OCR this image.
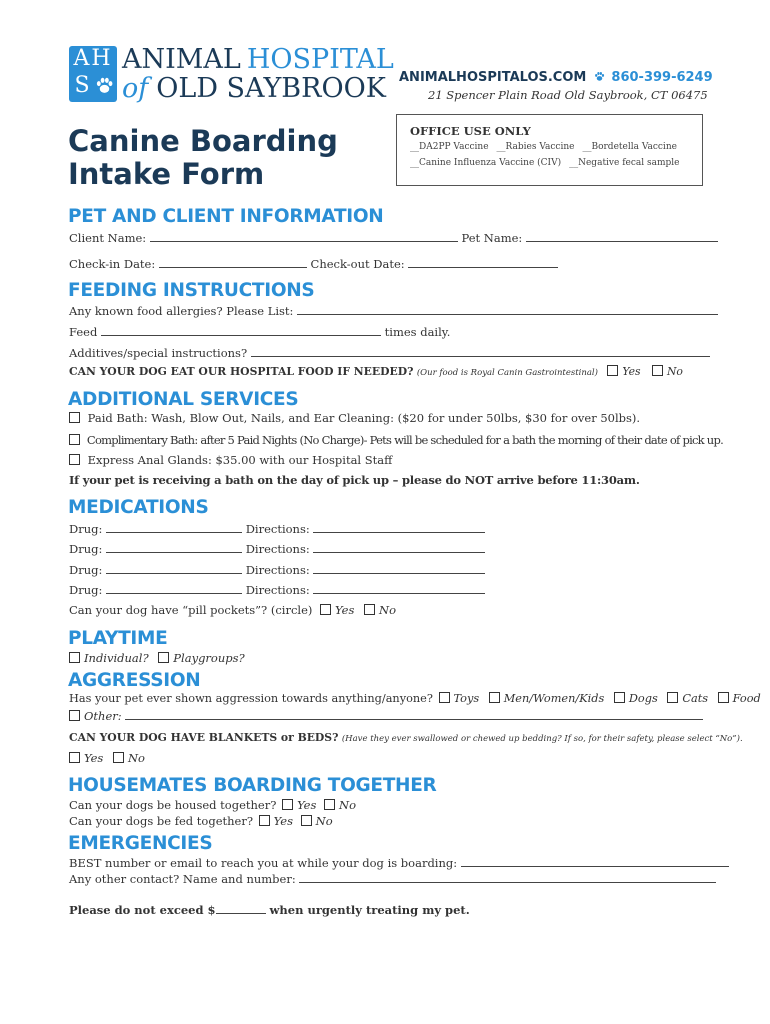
AH
S
ANIMAL HOSPITAL
of OLD SAYBROOK ANIMALHOSPITALOS.COM 860-399-6249
21 Spencer Plain Road Old Saybrook, CT 06475
Canine Boarding
Intake Form
OFFICE USE ONLY
__DA2PP Vaccine __Rabies Vaccine __Bordetella Vaccine
__Canine Influenza Vaccine (CIV) __Negative fecal sample
PET AND CLIENT INFORMATION
Client Name:	Pet Name:
Check-in Date:	Check-out Date:
FEEDING INSTRUCTIONS
Any known food allergies? Please List:
Feed	times daily.
Additives/special instructions?
CAN YOUR DOG EAT OUR HOSPITAL FOOD IF NEEDED? (Our food is Royal Canin Gastrointestinal) Yes No
ADDITIONAL SERVICES
Paid Bath: Wash, Blow Out, Nails, and Ear Cleaning: ($20 for under 50lbs, $30 for over 50lbs).
Complimentary Bath: after 5 Paid Nights (No Charge)- Pets will be scheduled for a bath the morning of their date of pick up.
Express Anal Glands: $35.00 with our Hospital Staff
If your pet is receiving a bath on the day of pick up – please do NOT arrive before 11:30am.
MEDICATIONS
Drug:	Directions:
Drug:	Directions:
Drug:	Directions:
Drug:	Directions:
Can your dog have “pill pockets”? (circle) Yes No
PLAYTIME
Individual? Playgroups?
AGGRESSION
Has your pet ever shown aggression towards anything/anyone? Toys Men/Women/Kids Dogs Cats Food
Other:
CAN YOUR DOG HAVE BLANKETS or BEDS? (Have they ever swallowed or chewed up bedding? If so, for their safety, please select “No”).
Yes No
HOUSEMATES BOARDING TOGETHER
Can your dogs be housed together? Yes No
Can your dogs be fed together? Yes No
EMERGENCIES
BEST number or email to reach you at while your dog is boarding:
Any other contact? Name and number:
Please do not exceed $	when urgently treating my pet.
